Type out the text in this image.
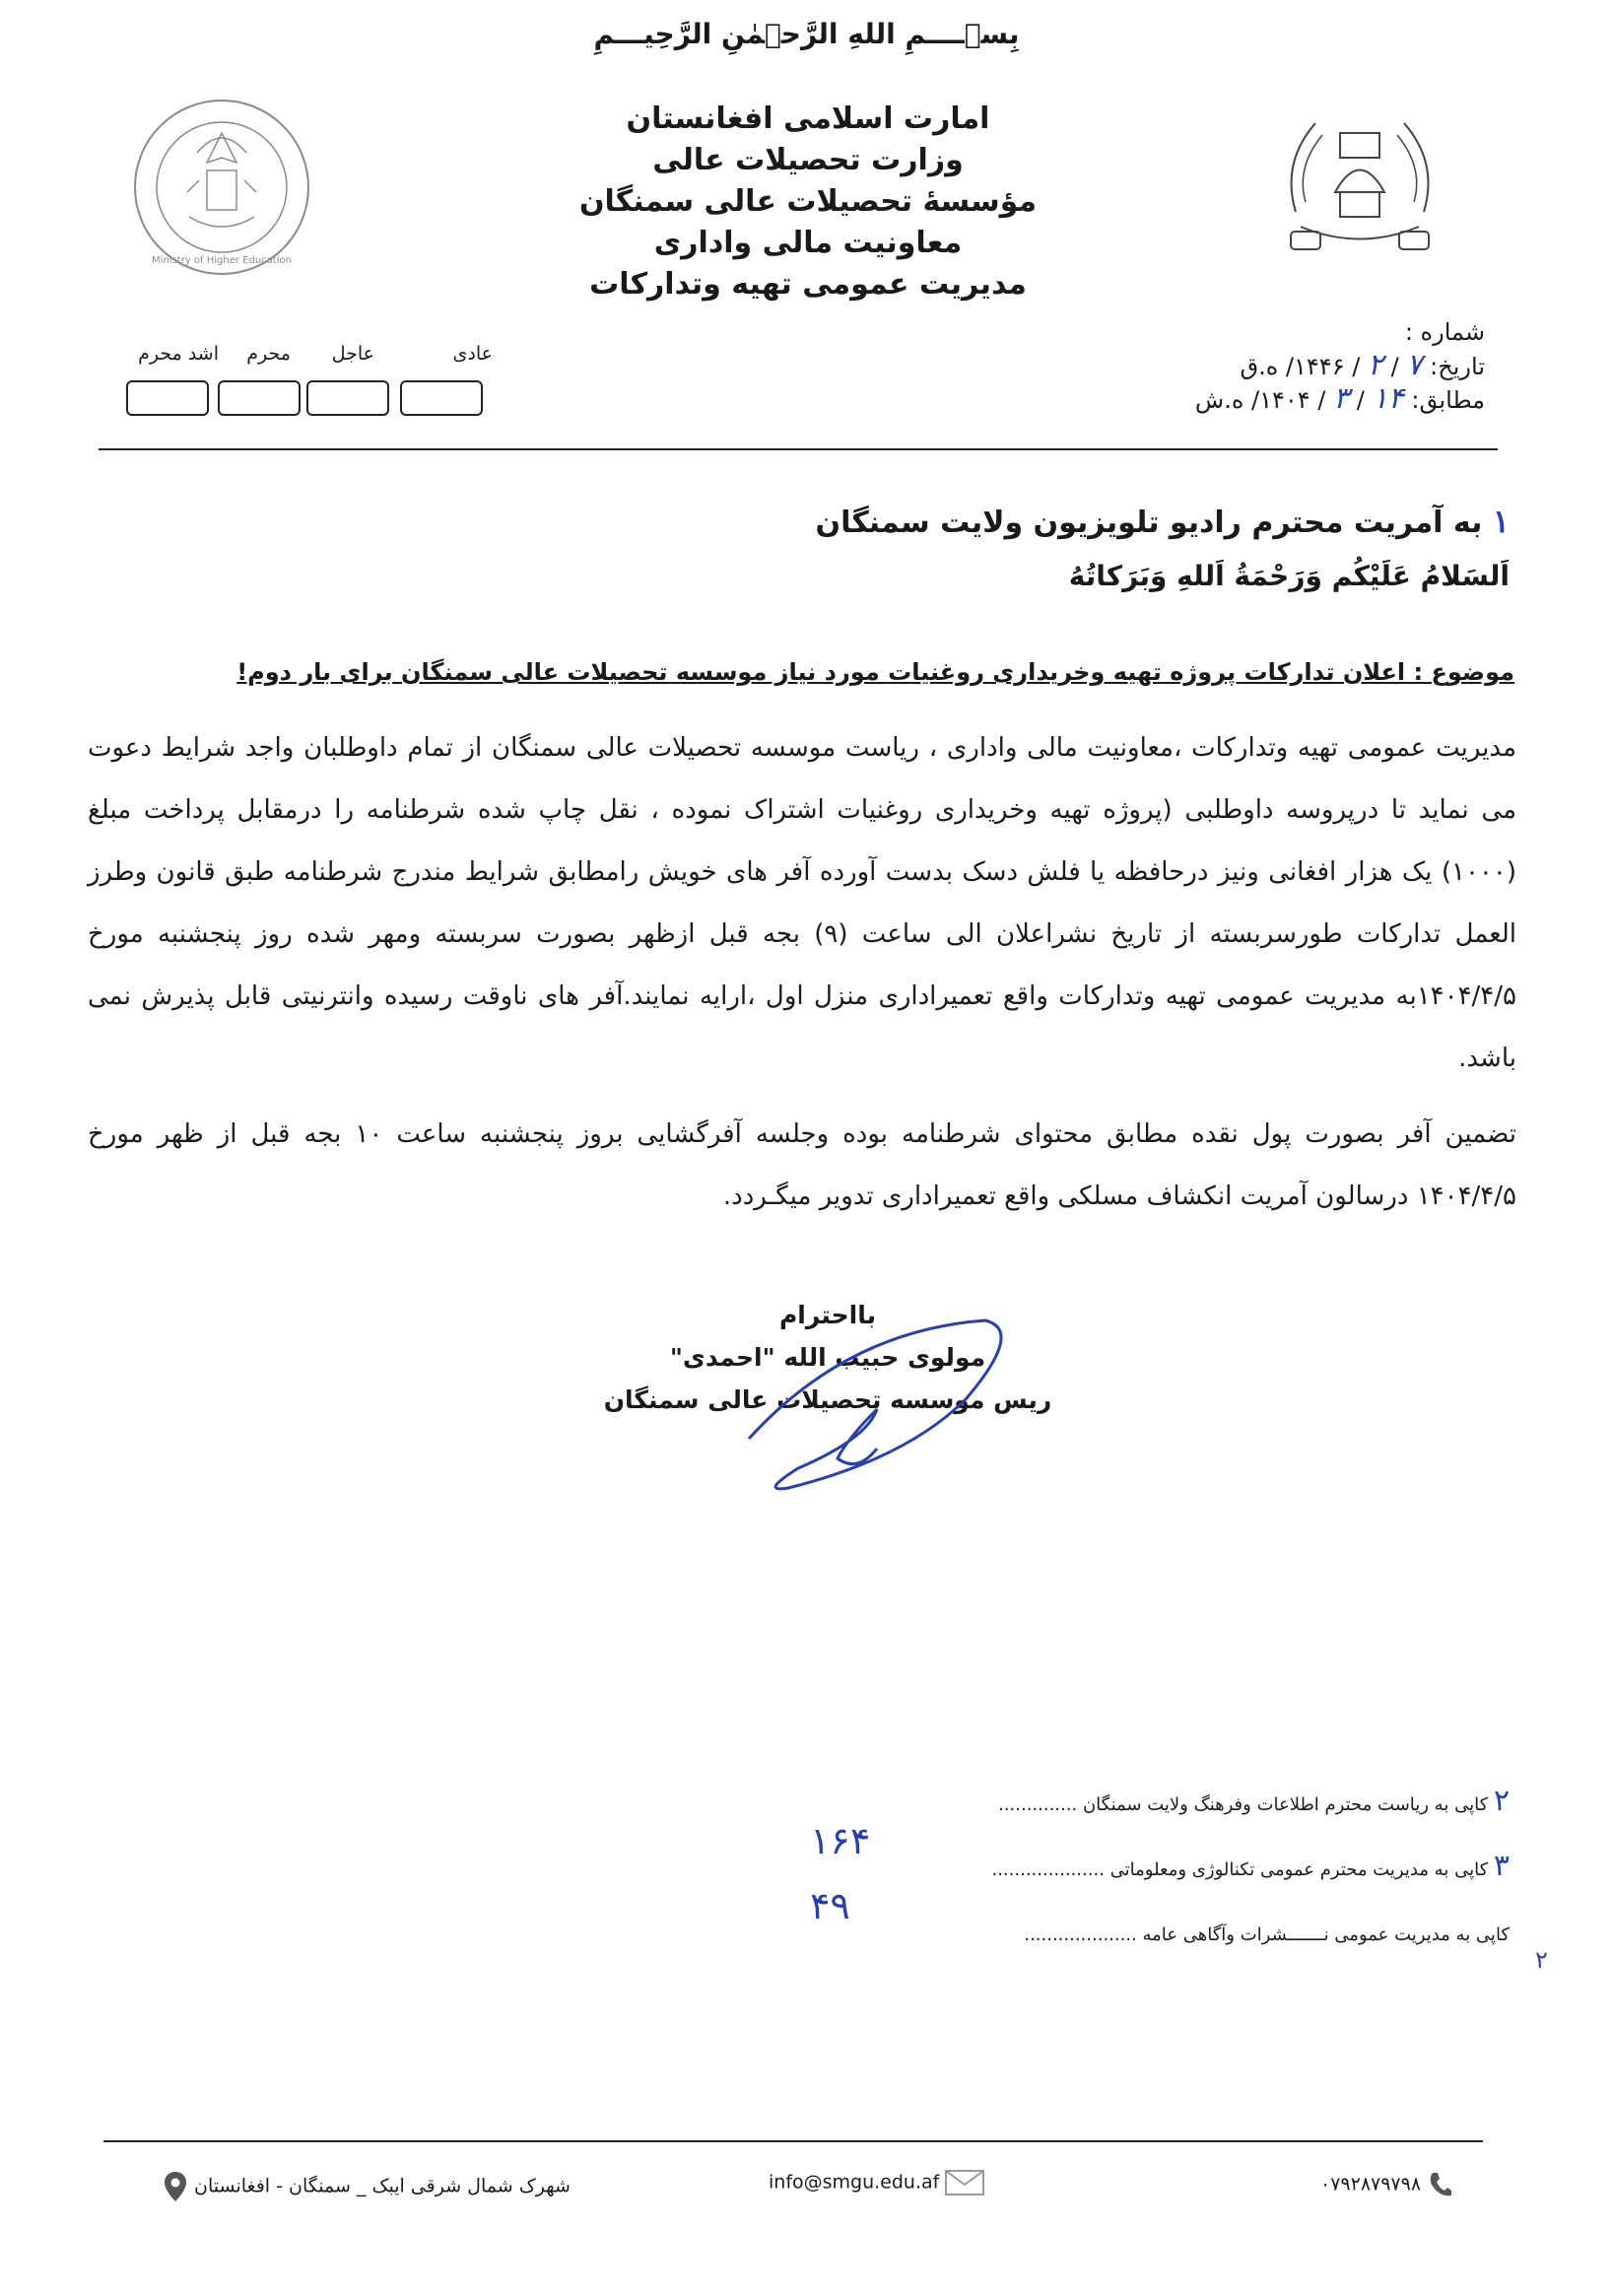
بِسۡــــمِ اللهِ الرَّحۡمٰنِ الرَّحِيـــمِ
Ministry of Higher Education
امارت اسلامی افغانستان
وزارت تحصیلات عالی
مؤسسهٔ تحصیلات عالی سمنگان
معاونیت مالی واداری
مدیریت عمومی تهیه وتدارکات
شماره :
تاریخ: ۷ / ۲ / ۱۴۴۶/ ه.ق
مطابق: ۱۴ / ۳ / ۱۴۰۴/ ه.ش
عادی
عاجل
محرم
اشد محرم
۱ به آمریت محترم رادیو تلویزیون ولایت سمنگان
اَلسَلامُ عَلَيْکُم وَرَحْمَةُ اَللهِ وَبَرَکاتُهُ
موضوع : اعلان تدارکات پروژه تهیه وخریداری روغنیات مورد نیاز موسسه تحصیلات عالی سمنگان برای بار دوم!

مدیریت عمومی تهیه وتدارکات ،معاونیت مالی واداری ، ریاست موسسه تحصیلات عالی سمنگان از تمام داوطلبان واجد شرایط دعوت می نماید تا درپروسه داوطلبی (پروژه تهیه وخریداری روغنیات اشتراک نموده ، نقل چاپ شده شرطنامه را درمقابل پرداخت مبلغ (۱۰۰۰) یک هزار افغانی ونیز درحافظه یا فلش دسک بدست آورده آفر های خویش رامطابق شرایط مندرج شرطنامه طبق قانون وطرز العمل تدارکات طورسربسته از تاریخ نشراعلان الی ساعت (۹) بجه قبل ازظهر بصورت سربسته ومهر شده روز پنجشنبه مورخ ۱۴۰۴/۴/۵به مدیریت عمومی تهیه وتدارکات واقع تعمیراداری منزل اول ،ارایه نمایند.آفر های ناوقت رسیده وانترنیتی قابل پذیرش نمی باشد.

تضمین آفر بصورت پول نقده مطابق محتوای شرطنامه بوده وجلسه آفرگشایی بروز پنجشنبه ساعت ۱۰ بجه قبل از ظهر مورخ ۱۴۰۴/۴/۵ درسالون آمریت انکشاف مسلکی واقع تعمیراداری تدویر میگـردد.

بااحترام
مولوی حبیب الله "احمدی"
ریس موسسه تحصیلات عالی سمنگان
۲ کاپی به ریاست محترم اطلاعات وفرهنگ ولایت سمنگان ..............
۳ کاپی به مدیریت محترم عمومی تکنالوژی ومعلوماتی ....................
۱۶۴
کاپی به مدیریت عمومی نـــــــشرات وآگاهی عامه ....................
۴۹
۲
شهرک شمال شرقی ایبک _ سمنگان - افغانستان	info@smgu.edu.af	۰۷۹۲۸۷۹۷۹۸
